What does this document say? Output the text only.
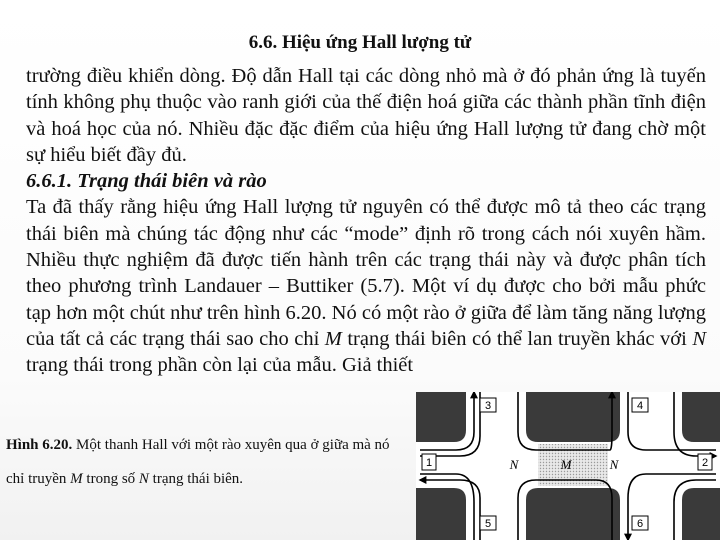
6.6. Hiệu ứng Hall lượng tử

trường điều khiển dòng. Độ dẫn Hall tại các dòng nhỏ mà ở đó phản ứng là tuyến tính không phụ thuộc vào ranh giới của thế điện hoá giữa các thành phần tĩnh điện và hoá học của nó. Nhiều đặc đặc điểm của hiệu ứng Hall lượng tử đang chờ một sự hiểu biết đầy đủ.

6.6.1. Trạng thái biên và rào

Ta đã thấy rằng hiệu ứng Hall lượng tử nguyên có thể được mô tả theo các trạng thái biên mà chúng tác động như các “mode” định rõ trong cách nói xuyên hầm. Nhiều thực nghiệm đã được tiến hành trên các trạng thái này và được phân tích theo phương trình Landauer – Buttiker (5.7). Một ví dụ được cho bởi mẫu phức tạp hơn một chút như trên hình 6.20. Nó có một rào ở giữa để làm tăng năng lượng của tất cả các trạng thái sao cho chỉ M trạng thái biên có thể lan truyền khác với N trạng thái trong phần còn lại của mẫu. Giả thiết

Hình 6.20. Một thanh Hall với một rào xuyên qua ở giữa mà nó chỉ truyền M trong số N trạng thái biên.
3	4
1	2
5	6
N	M	N
